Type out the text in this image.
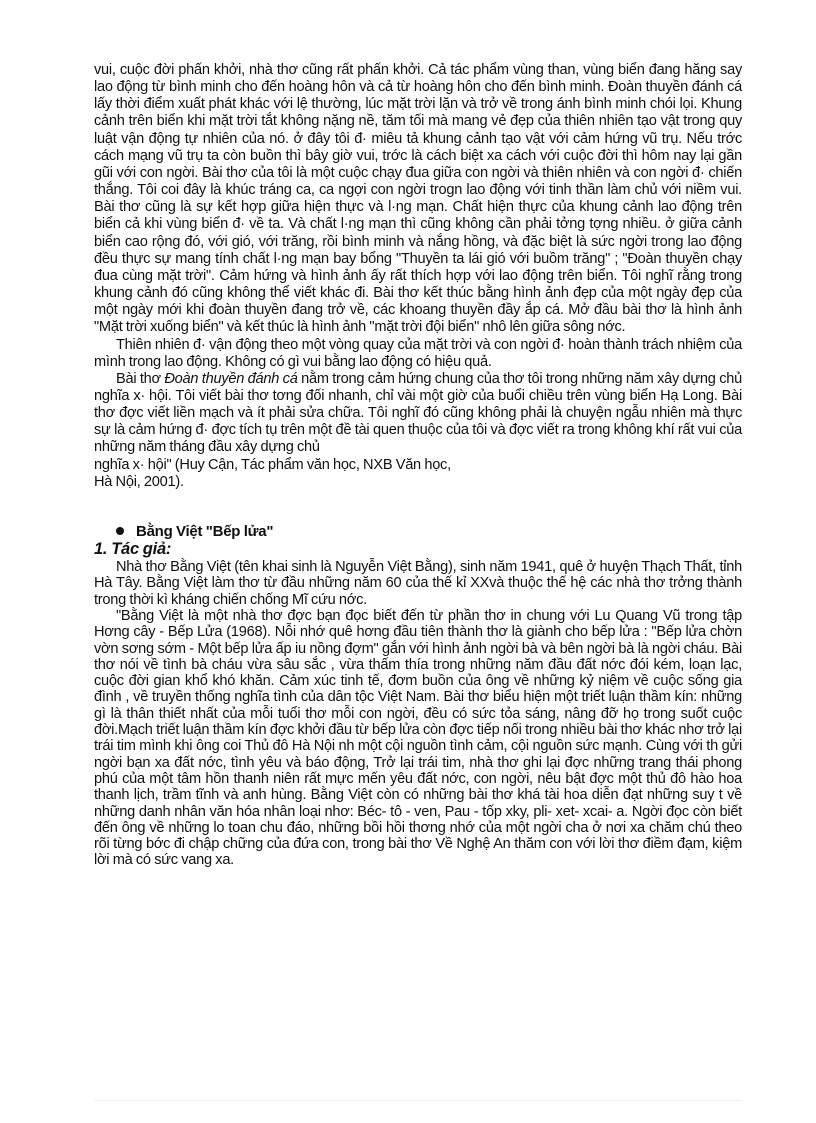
vui, cuộc đời phấn khởi, nhà thơ cũng rất phấn khởi. Cả tác phẩm vùng than, vùng biển đang hăng say lao động từ bình minh cho đến hoàng hôn và cả từ hoàng hôn cho đến bình minh. Đoàn thuyền đánh cá lấy thời điểm xuất phát khác với lệ thường, lúc mặt trời lặn và trở về trong ánh bình minh chói lọi. Khung cảnh trên biển khi mặt trời tắt không nặng nề, tăm tối mà mang vẻ đẹp của thiên nhiên tạo vật trong quy luật vận động tự nhiên của nó. ở đây tôi đ· miêu tả khung cảnh tạo vật với cảm hứng vũ trụ. Nếu trớc cách mạng vũ trụ ta còn buồn thì bây giờ vui, trớc là cách biệt xa cách với cuộc đời thì hôm nay lại gần gũi với con ngời. Bài thơ của tôi là một cuộc chạy đua giữa con ngời và thiên nhiên và con ngời đ· chiến thắng. Tôi coi đây là khúc tráng ca, ca ngợi con ngời trogn lao động với tinh thần làm chủ với niềm vui. Bài thơ cũng là sự kết hợp giữa hiện thực và l·ng mạn. Chất hiện thực của khung cảnh lao động trên biển cả khi vùng biển đ· về ta. Và chất l·ng mạn thì cũng không cần phải tởng tợng nhiều. ở giữa cảnh biển cao rộng đó, với gió, với trăng, rồi bình minh và nắng hồng, và đặc biệt là sức ngời trong lao động đều thực sự mang tính chất l·ng mạn bay bổng "Thuyền ta lái gió với buồm trăng" ; "Đoàn thuyền chạy đua cùng mặt trời". Cảm hứng và hình ảnh ấy rất thích hợp với lao động trên biển. Tôi nghĩ rằng trong khung cảnh đó cũng không thể viết khác đi. Bài thơ kết thúc bằng hình ảnh đẹp của một ngày đẹp của một ngày mới khi đoàn thuyền đang trở về, các khoang thuyền đầy ắp cá. Mở đầu bài thơ là hình ảnh "Mặt trời xuống biển" và kết thúc là hình ảnh "mặt trời đội biển" nhô lên giữa sông nớc.

Thiên nhiên đ· vận động theo một vòng quay của mặt trời và con ngời đ· hoàn thành trách nhiệm của mình trong lao động. Không có gì vui bằng lao động có hiệu quả.

Bài thơ Đoàn thuyền đánh cá nằm trong cảm hứng chung của thơ tôi trong những năm xây dựng chủ nghĩa x· hội. Tôi viết bài thơ tơng đối nhanh, chỉ vài một giờ của buổi chiều trên vùng biển Hạ Long. Bài thơ đợc viết liền mạch và ít phải sửa chữa. Tôi nghĩ đó cũng không phải là chuyện ngẫu nhiên mà thực sự là cảm hứng đ· đợc tích tụ trên một đề tài quen thuộc của tôi và đợc viết ra trong không khí rất vui của những năm tháng đầu xây dựng chủ

nghĩa x· hội" (Huy Cận, Tác phẩm văn học, NXB Văn học,

Hà Nội, 2001).

Bằng Việt "Bếp lửa"

1. Tác giả:

Nhà thơ Bằng Việt (tên khai sinh là Nguyễn Việt Bằng), sinh năm 1941, quê ở huyện Thạch Thất, tỉnh Hà Tây. Bằng Việt làm thơ từ đầu những năm 60 của thế kỉ XXvà thuộc thế hệ các nhà thơ trởng thành trong thời kì kháng chiến chống Mĩ cứu nớc.

"Bằng Việt là một nhà thơ đợc bạn đọc biết đến từ phần thơ in chung với Lu Quang Vũ trong tập Hơng cây - Bếp Lửa (1968). Nỗi nhớ quê hơng đầu tiên thành thơ là giành cho bếp lửa : "Bếp lửa chờn vờn sơng sớm - Một bếp lửa ấp iu nồng đợm" gắn với hình ảnh ngời bà và bên ngời bà là ngời cháu. Bài thơ nói về tình bà cháu vừa sâu sắc , vừa thấm thía trong những năm đầu đất nớc đói kém, loạn lạc, cuộc đời gian khổ khó khăn. Cảm xúc tinh tế, đơm buồn của ông về những kỷ niệm về cuộc sống gia đình , về truyền thống nghĩa tình của dân tộc Việt Nam. Bài thơ biểu hiện một triết luận thầm kín: những gì là thân thiết nhất của mỗi tuổi thơ mỗi con ngời, đều có sức tỏa sáng, nâng đỡ họ trong suốt cuộc đời.Mạch triết luận thầm kín đợc khởi đầu từ bếp lửa còn đợc tiếp nối trong nhiều bài thơ khác nhơ trở lại trái tim mình khi ông coi Thủ đô Hà Nội nh một cội nguồn tình cảm, cội nguồn sức mạnh. Cùng với th gửi ngời bạn xa đất nớc, tình yêu và báo động, Trở lại trái tim, nhà thơ ghi lại đợc những trang thái phong phú của một tâm hồn thanh niên rất mực mến yêu đất nớc, con ngời, nêu bật đợc một thủ đô hào hoa thanh lịch, trầm tĩnh và anh hùng. Bằng Việt còn có những bài thơ khá tài hoa diễn đạt những suy t về những danh nhân văn hóa nhân loại nhơ: Béc- tô - ven, Pau - tốp xky, pli- xet- xcai- a. Ngời đọc còn biết đến ông về những lo toan chu đáo, những bồi hồi thơng nhớ của một ngời cha ở nơi xa chăm chú theo rõi từng bớc đi chập chững của đứa con, trong bài thơ Về Nghệ An thăm con với lời thơ điềm đạm, kiệm lời mà có sức vang xa.
